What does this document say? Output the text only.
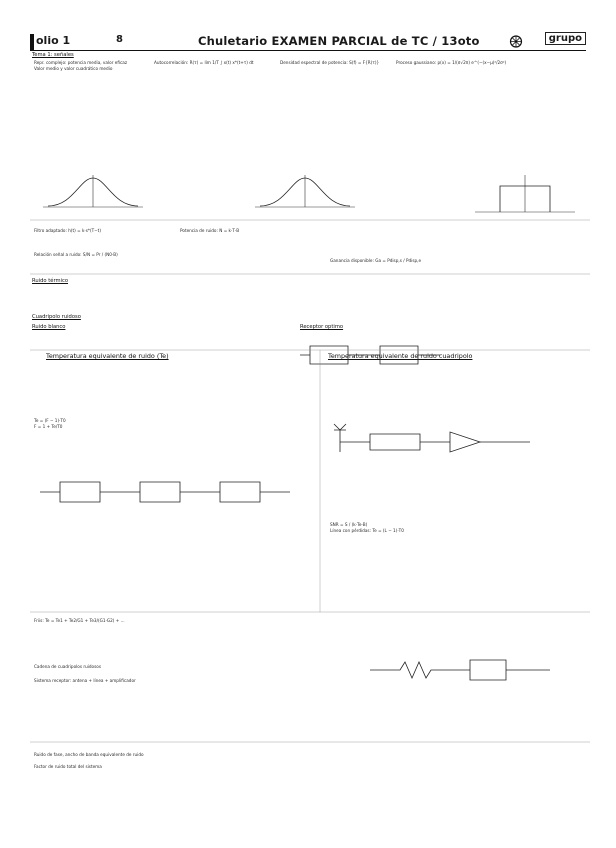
olio 1	8	Chuletario EXAMEN PARCIAL de TC / 13oto	grupo
Tema 1: señales
Temperatura equivalente de ruido (Te)	Temperatura equivalente de ruido cuadripolo
Ruido térmico
Ruido blanco	Receptor optimo
Cuadripolo ruidoso
Repr. complejo: potencia media, valor eficaz
Valor medio y valor cuadrático medio
Autocorrelación: R(τ) = lím 1/T ∫ x(t) x*(t+τ) dt	Densidad espectral de potencia: S(f) = F{R(τ)}	Proceso gaussiano: p(x) = 1/(σ√2π) e^(−(x−μ)²/2σ²)
Filtro adaptado: h(t) = k·s*(T−t)	Potencia de ruido: N = k·T·B
Te = (F − 1)·T0
F = 1 + Te/T0
Friis: Te = Te1 + Te2/G1 + Te3/(G1·G2) + ...
SNR = S / (k·Te·B)
Línea con pérdidas: Te = (L − 1)·T0
Relación señal a ruido: S/N = Pr / (N0·B)
Ganancia disponible: Ga = Pdisp,s / Pdisp,e
Cadena de cuadripolos ruidosos
Sistema receptor: antena + línea + amplificador
Ruido de fase, ancho de banda equivalente de ruido
Factor de ruido total del sistema
